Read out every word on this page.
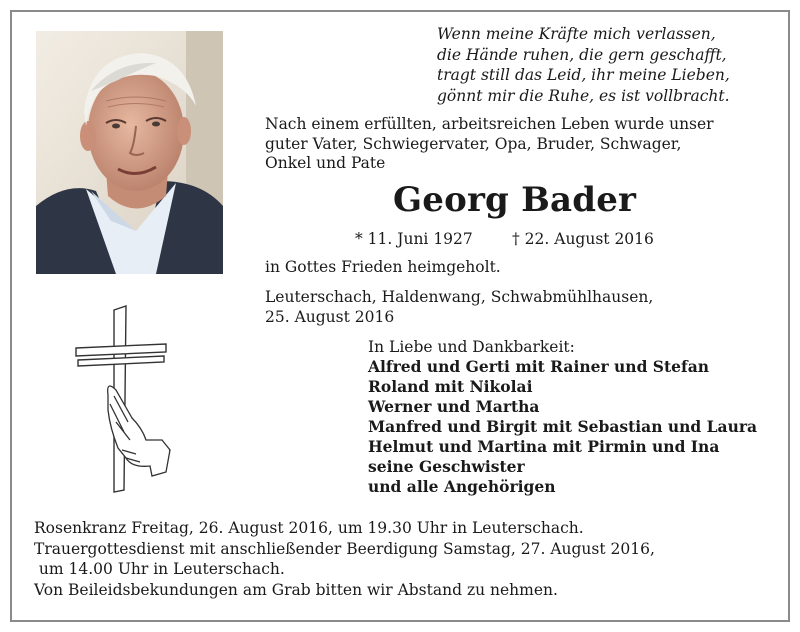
Wenn meine Kräfte mich verlassen,
die Hände ruhen, die gern geschafft,
tragt still das Leid, ihr meine Lieben,
gönnt mir die Ruhe, es ist vollbracht.
Nach einem erfüllten, arbeitsreichen Leben wurde unser
guter Vater, Schwiegervater, Opa, Bruder, Schwager,
Onkel und Pate
Georg Bader
* 11. Juni 1927	† 22. August 2016
in Gottes Frieden heimgeholt.
Leuterschach, Haldenwang, Schwabmühlhausen,
25. August 2016
In Liebe und Dankbarkeit:
Alfred und Gerti mit Rainer und Stefan
Roland mit Nikolai
Werner und Martha
Manfred und Birgit mit Sebastian und Laura
Helmut und Martina mit Pirmin und Ina
seine Geschwister
und alle Angehörigen
Rosenkranz Freitag, 26. August 2016, um 19.30 Uhr in Leuterschach.
Trauergottesdienst mit anschließender Beerdigung Samstag, 27. August 2016,
um 14.00 Uhr in Leuterschach.
Von Beileidsbekundungen am Grab bitten wir Abstand zu nehmen.
